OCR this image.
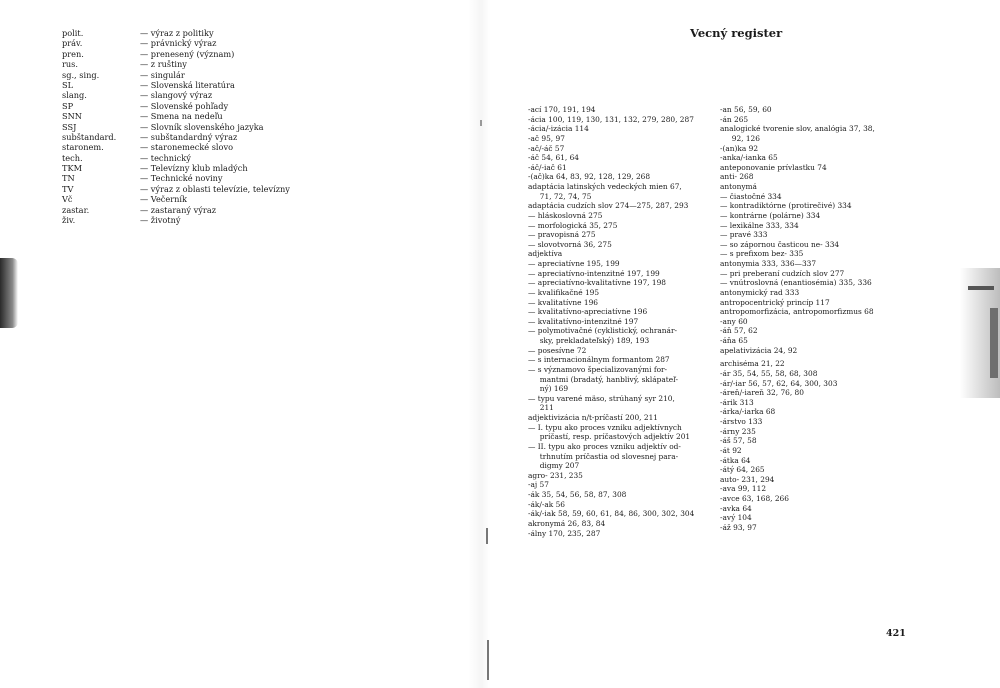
polit.	— výraz z politiky
práv.	— právnický výraz
pren.	— prenesený (význam)
rus.	— z ruštiny
sg., sing.	— singulár
SL	— Slovenská literatúra
slang.	— slangový výraz
SP	— Slovenské pohľady
SNN	— Smena na nedeľu
SSJ	— Slovník slovenského jazyka
subštandard.	— subštandardný výraz
staronem.	— staronemecké slovo
tech.	— technický
TKM	— Televízny klub mladých
TN	— Technické noviny
TV	— výraz z oblasti televízie, televízny
Vč	— Večerník
zastar.	— zastaraný výraz
živ.	— životný
Vecný register
-ací 170, 191, 194
-ácia 100, 119, 130, 131, 132, 279, 280, 287
-ácia/-izácia 114
-ač 95, 97
-ač/-áč 57
-áč 54, 61, 64
-áč/-iač 61
-(ač)ka 64, 83, 92, 128, 129, 268
adaptácia latinských vedeckých mien 67,
71, 72, 74, 75
adaptácia cudzích slov 274—275, 287, 293
— hláskoslovná 275
— morfologická 35, 275
— pravopisná 275
— slovotvorná 36, 275
adjektíva
— apreciatívne 195, 199
— apreciatívno-intenzitné 197, 199
— apreciatívno-kvalitatívne 197, 198
— kvalifikačné 195
— kvalitatívne 196
— kvalitatívno-apreciatívne 196
— kvalitatívno-intenzitné 197
— polymotivačné (cyklistický, ochranár-
sky, prekladateľský) 189, 193
— posesívne 72
— s internacionálnym formantom 287
— s významovo špecializovanými for-
mantmi (bradatý, hanblivý, sklápateľ-
ný) 169
— typu varené mäso, strúhaný syr 210,
211
adjektivizácia n/t-príčastí 200, 211
— I. typu ako proces vzniku adjektívnych
príčastí, resp. príčastových adjektív 201
— II. typu ako proces vzniku adjektív od-
trhnutím príčastia od slovesnej para-
digmy 207
agro- 231, 235
-aj 57
-ák 35, 54, 56, 58, 87, 308
-ák/-ak 56
-ák/-iak 58, 59, 60, 61, 84, 86, 300, 302, 304
akronymá 26, 83, 84
-álny 170, 235, 287
-an 56, 59, 60
-án 265
analogické tvorenie slov, analógia 37, 38,
92, 126
-(an)ka 92
-anka/-ianka 65
anteponovanie prívlastku 74
anti- 268
antonymá
— čiastočné 334
— kontradiktórne (protirečivé) 334
— kontrárne (polárne) 334
— lexikálne 333, 334
— pravé 333
— so zápornou časticou ne- 334
— s prefixom bez- 335
antonymia 333, 336—337
— pri preberaní cudzích slov 277
— vnútroslovná (enantiosémia) 335, 336
antonymický rad 333
antropocentrický princíp 117
antropomorfizácia, antropomorfizmus 68
-any 60
-áň 57, 62
-áňa 65
apelativizácia 24, 92
archisémа 21, 22
-ár 35, 54, 55, 58, 68, 308
-ár/-iar 56, 57, 62, 64, 300, 303
-áreň/-iareň 32, 76, 80
-árik 313
-árka/-iarka 68
-árstvo 133
-árny 235
-áš 57, 58
-át 92
-átka 64
-átý 64, 265
auto- 231, 294
-ava 99, 112
-avce 63, 168, 266
-avka 64
-avý 104
-áž 93, 97
421
